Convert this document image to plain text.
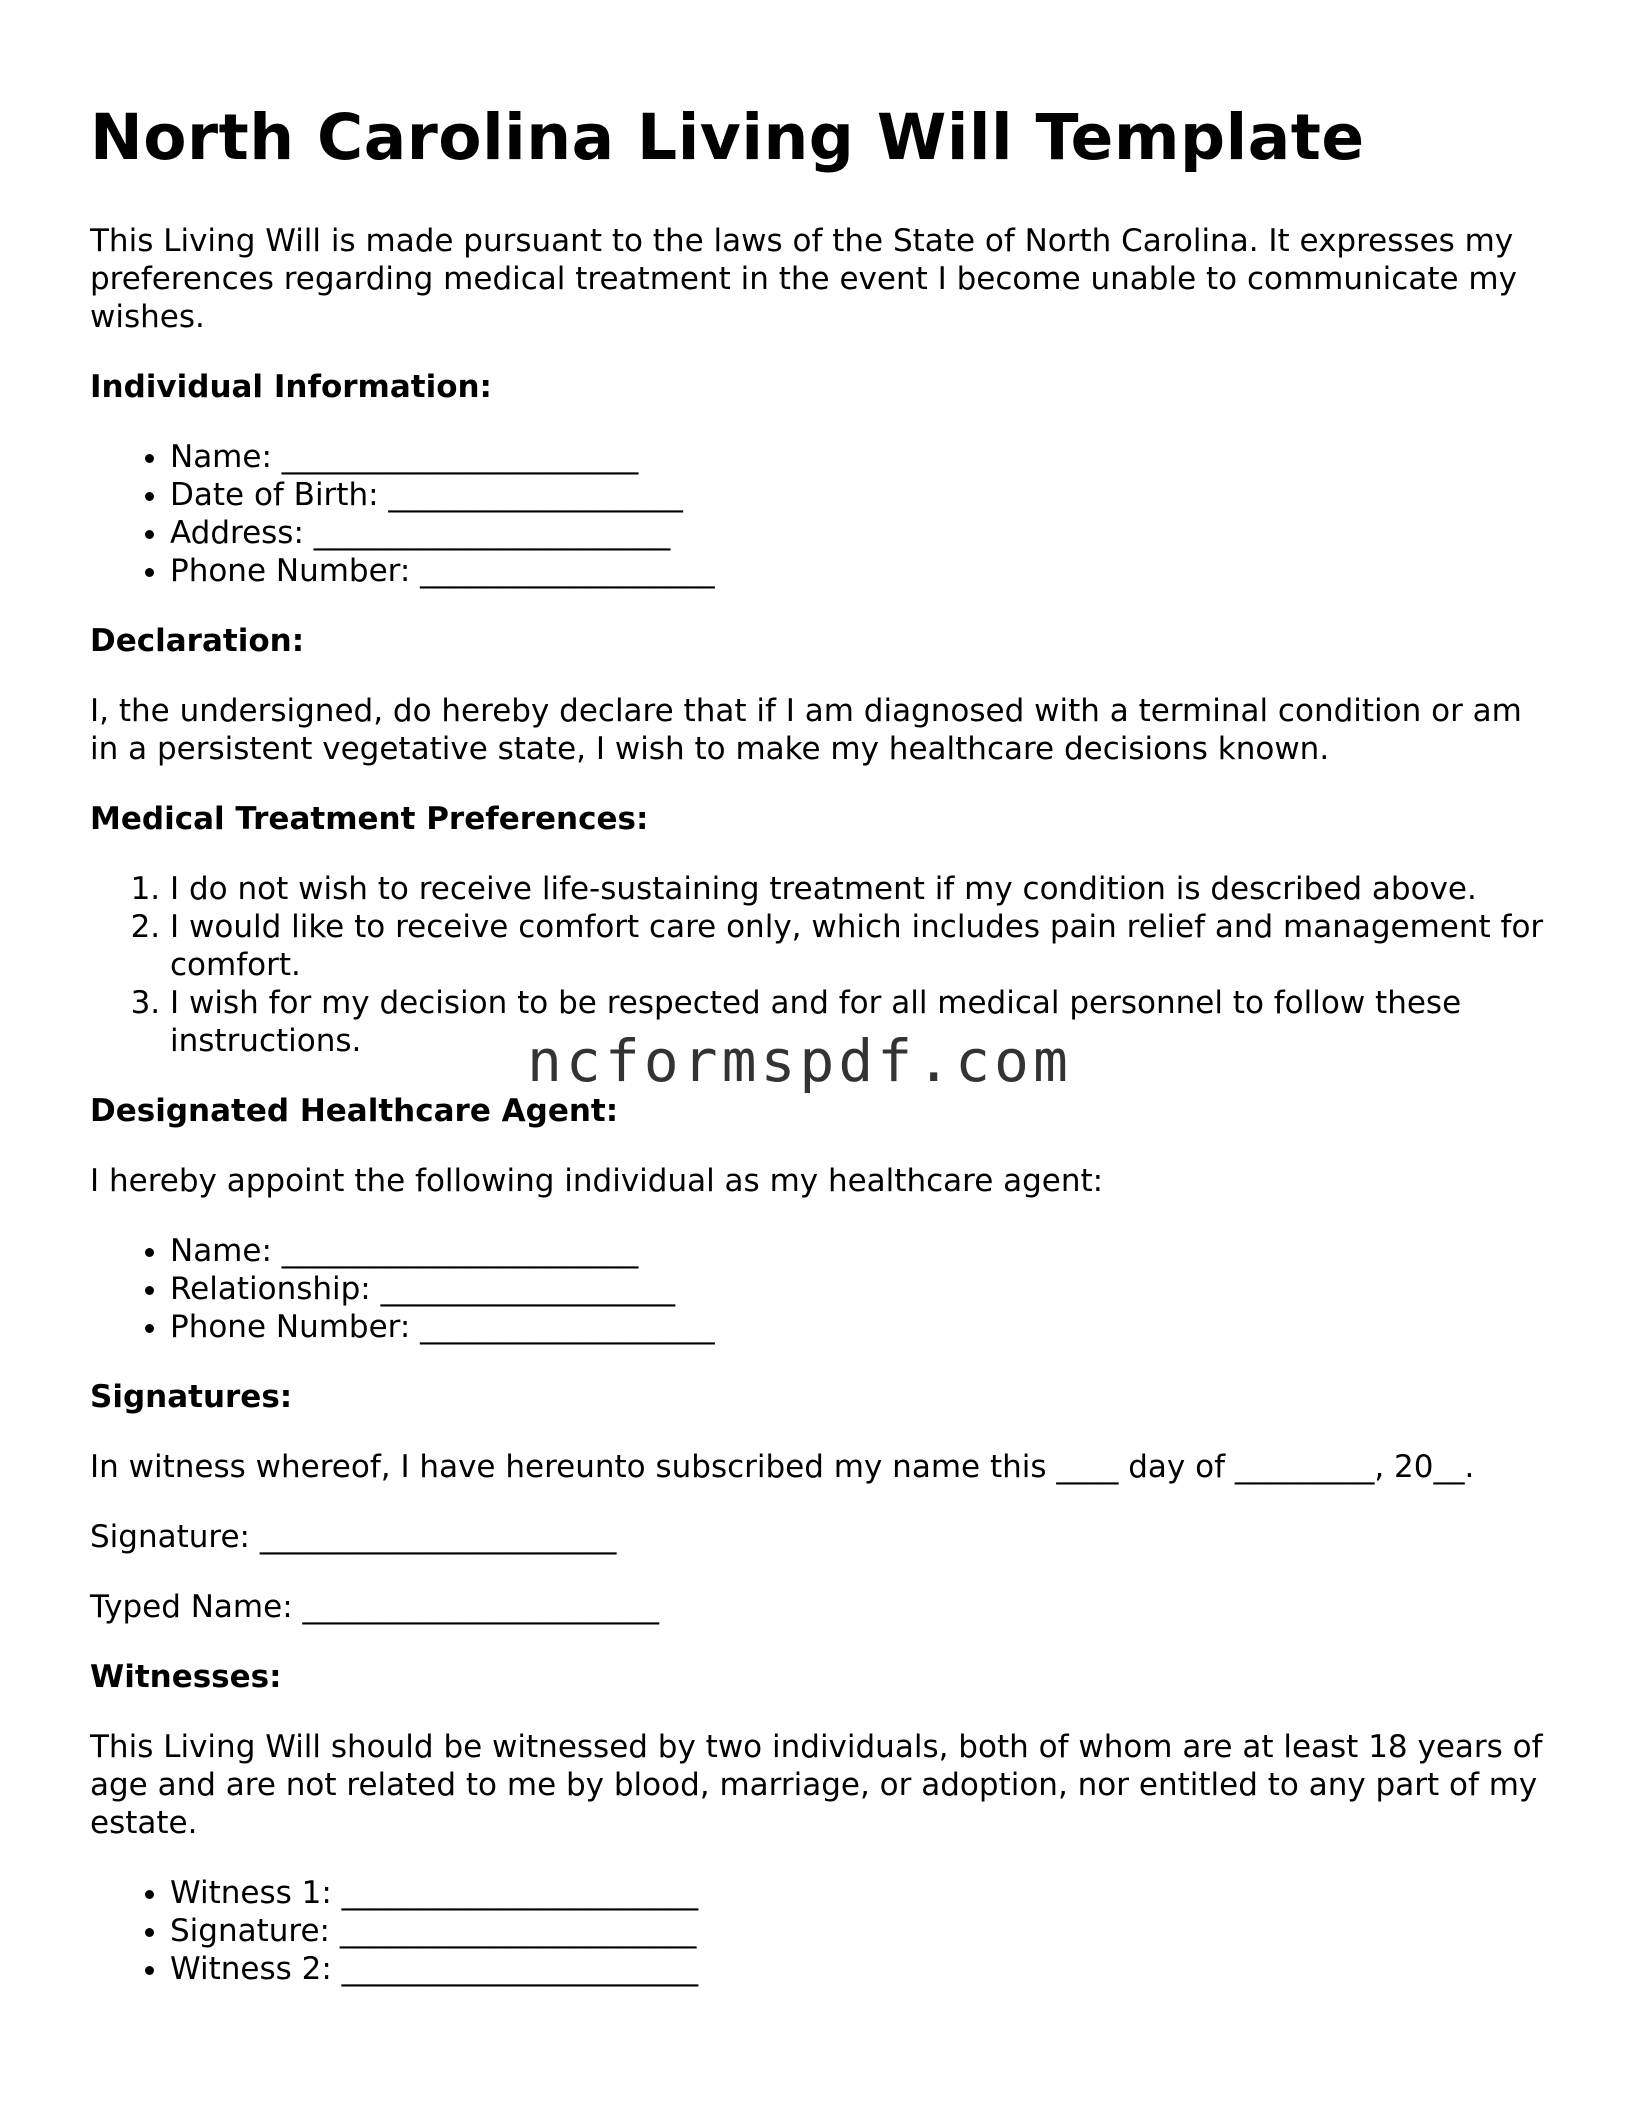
North Carolina Living Will Template

This Living Will is made pursuant to the laws of the State of North Carolina. It expresses my preferences regarding medical treatment in the event I become unable to communicate my wishes.

Individual Information:
• Name: _______________________
• Date of Birth: ___________________
• Address: _______________________
• Phone Number: ___________________
Declaration:

I, the undersigned, do hereby declare that if I am diagnosed with a terminal condition or am in a persistent vegetative state, I wish to make my healthcare decisions known.

Medical Treatment Preferences:
1. I do not wish to receive life-sustaining treatment if my condition is described above.
2. I would like to receive comfort care only, which includes pain relief and management for comfort.
3. I wish for my decision to be respected and for all medical personnel to follow these instructions.
Designated Healthcare Agent:

I hereby appoint the following individual as my healthcare agent:

• Name: _______________________
• Relationship: ___________________
• Phone Number: ___________________
Signatures:

In witness whereof, I have hereunto subscribed my name this ____ day of _________, 20__.

Signature: _______________________

Typed Name: _______________________

Witnesses:

This Living Will should be witnessed by two individuals, both of whom are at least 18 years of age and are not related to me by blood, marriage, or adoption, nor entitled to any part of my estate.

• Witness 1: _______________________
• Signature: _______________________
• Witness 2: _______________________
ncformspdf.com
